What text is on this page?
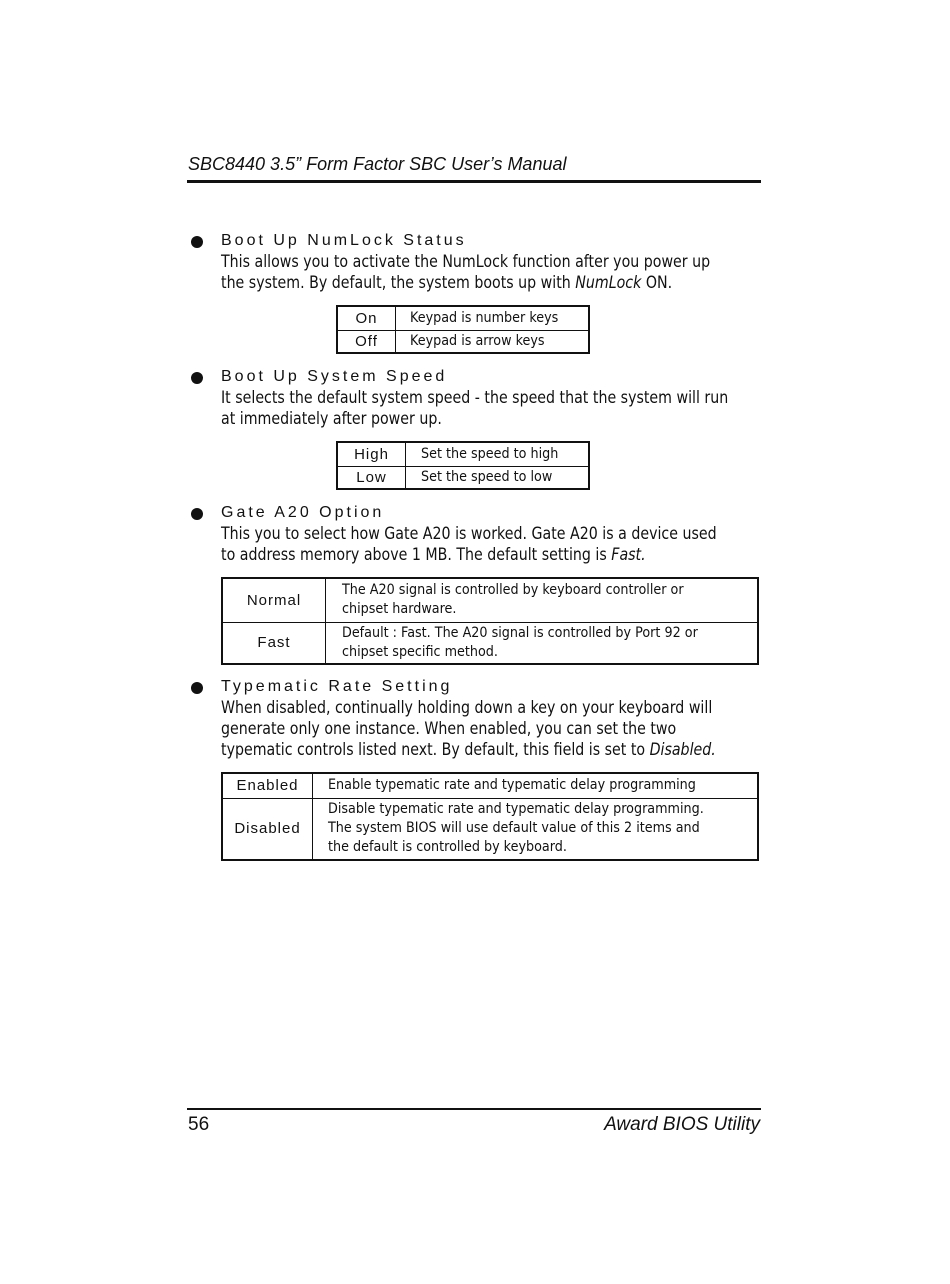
SBC8440 3.5” Form Factor SBC User’s Manual
Boot Up NumLock Status
This allows you to activate the NumLock function after you power up
the system. By default, the system boots up with NumLock ON.
On	Keypad is number keys
Off	Keypad is arrow keys
Boot Up System Speed
It selects the default system speed - the speed that the system will run
at immediately after power up.
High	Set the speed to high
Low	Set the speed to low
Gate A20 Option
This you to select how Gate A20 is worked. Gate A20 is a device used
to address memory above 1 MB. The default setting is Fast.
Normal	The A20 signal is controlled by keyboard controller or
chipset hardware.

Fast	Default : Fast. The A20 signal is controlled by Port 92 or
chipset specific method.
Typematic Rate Setting
When disabled, continually holding down a key on your keyboard will
generate only one instance. When enabled, you can set the two
typematic controls listed next. By default, this field is set to Disabled.
Enabled	Enable typematic rate and typematic delay programming
Disabled	Disable typematic rate and typematic delay programming.
The system BIOS will use default value of this 2 items and
the default is controlled by keyboard.
56	Award BIOS Utility
